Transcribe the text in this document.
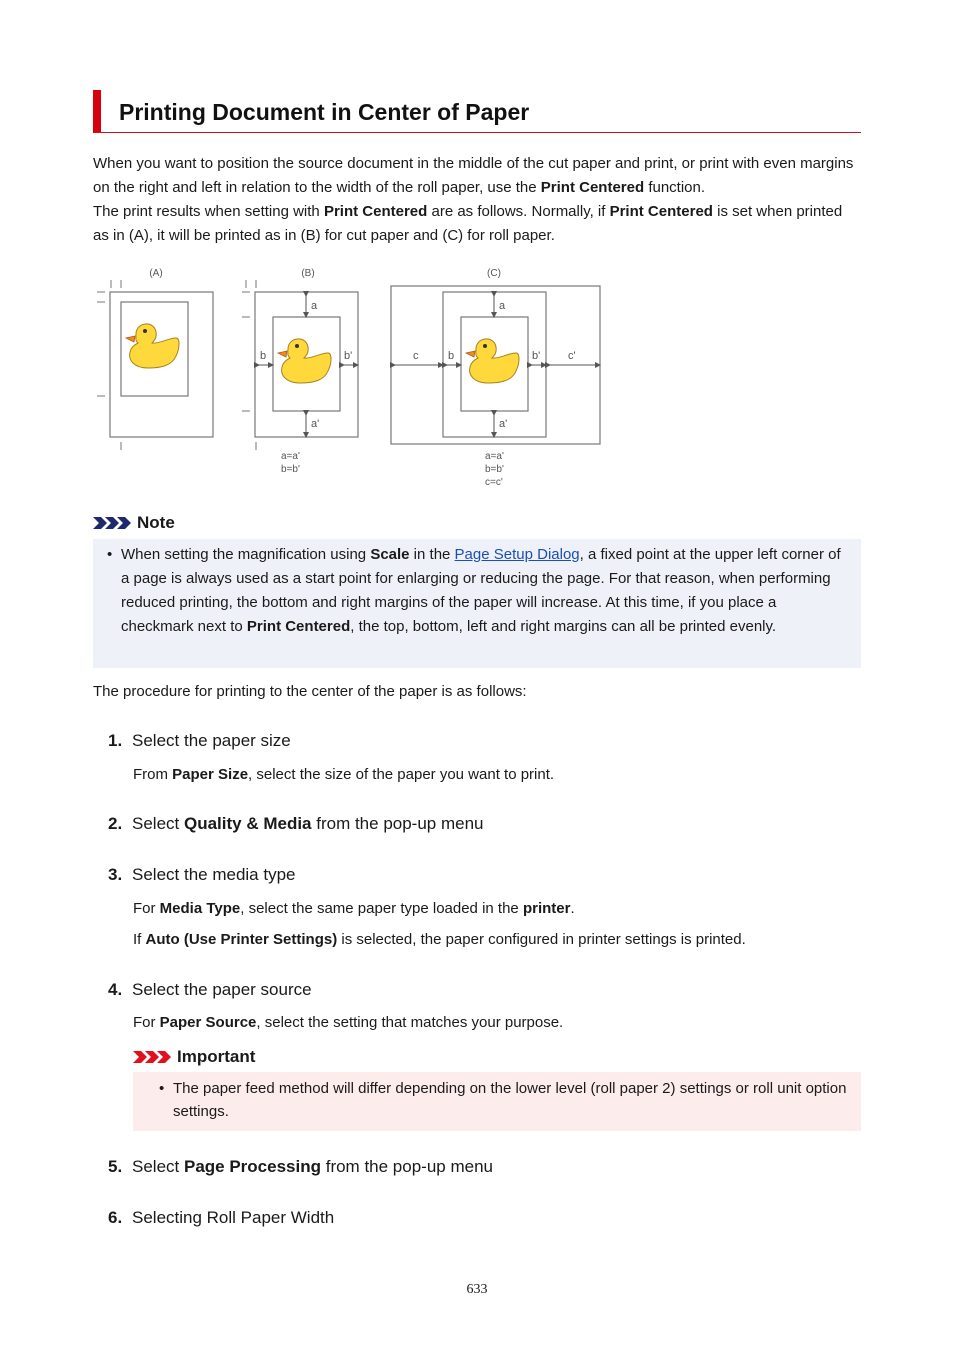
Printing Document in Center of Paper

When you want to position the source document in the middle of the cut paper and print, or print with even margins on the right and left in relation to the width of the roll paper, use the Print Centered function.

The print results when setting with Print Centered are as follows. Normally, if Print Centered is set when printed as in (A), it will be printed as in (B) for cut paper and (C) for roll paper.

(A)	(B)
a
a'
b	b'
a=a'
b=b'
(C)
a
a'
c	b	b'	c'
a=a'
b=b'
c=c'
Note

• When setting the magnification using Scale in the Page Setup Dialog, a fixed point at the upper left corner of a page is always used as a start point for enlarging or reducing the page. For that reason, when performing reduced printing, the bottom and right margins of the paper will increase. At this time, if you place a checkmark next to Print Centered, the top, bottom, left and right margins can all be printed evenly.

The procedure for printing to the center of the paper is as follows:

1. Select the paper size

From Paper Size, select the size of the paper you want to print.

2. Select Quality & Media from the pop-up menu

3. Select the media type

For Media Type, select the same paper type loaded in the printer.

If Auto (Use Printer Settings) is selected, the paper configured in printer settings is printed.

4. Select the paper source

For Paper Source, select the setting that matches your purpose.

Important

• The paper feed method will differ depending on the lower level (roll paper 2) settings or roll unit option settings.

5. Select Page Processing from the pop-up menu

6. Selecting Roll Paper Width

633
